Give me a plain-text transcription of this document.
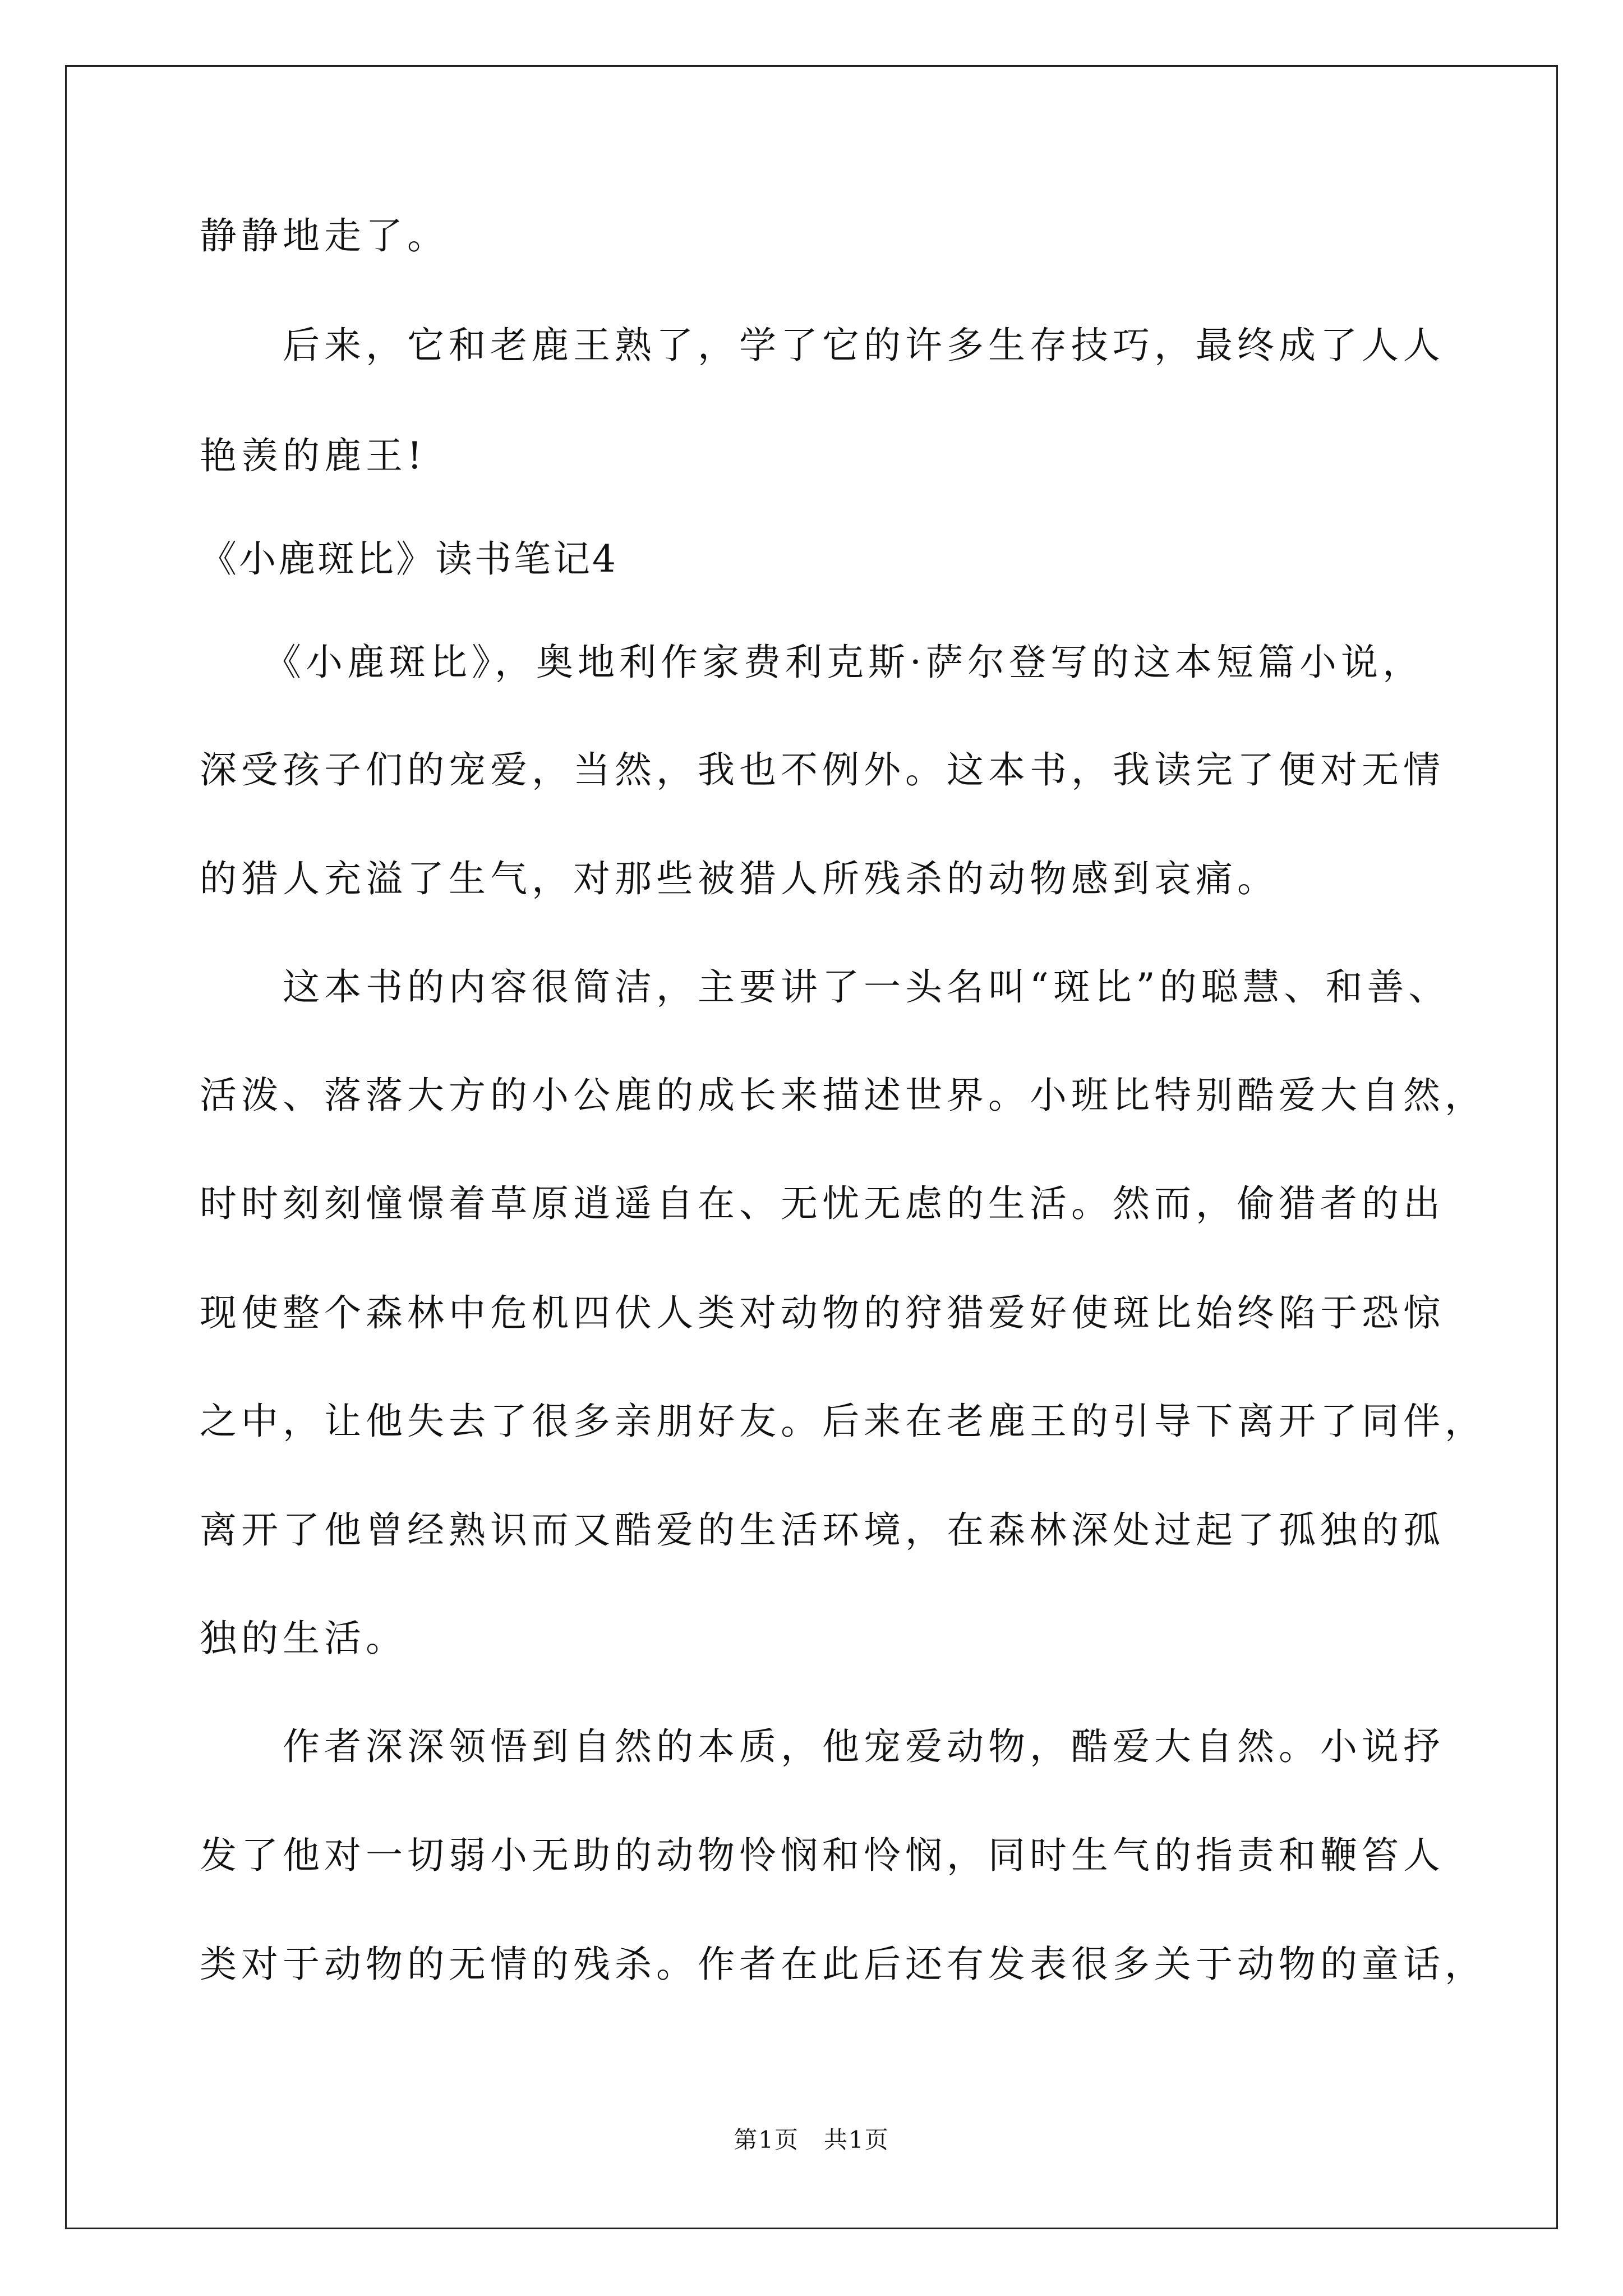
静静地走了。
　　后来，它和老鹿王熟了，学了它的许多生存技巧，最终成了人人
艳羡的鹿王!
《小鹿斑比》读书笔记4
　　《小鹿斑比》，奥地利作家费利克斯·萨尔登写的这本短篇小说，
深受孩子们的宠爱，当然，我也不例外。这本书，我读完了便对无情
的猎人充溢了生气，对那些被猎人所残杀的动物感到哀痛。
　　这本书的内容很简洁，主要讲了一头名叫“斑比”的聪慧、和善、
活泼、落落大方的小公鹿的成长来描述世界。小班比特别酷爱大自然，
时时刻刻憧憬着草原逍遥自在、无忧无虑的生活。然而，偷猎者的出
现使整个森林中危机四伏人类对动物的狩猎爱好使斑比始终陷于恐惊
之中，让他失去了很多亲朋好友。后来在老鹿王的引导下离开了同伴，
离开了他曾经熟识而又酷爱的生活环境，在森林深处过起了孤独的孤
独的生活。
　　作者深深领悟到自然的本质，他宠爱动物，酷爱大自然。小说抒
发了他对一切弱小无助的动物怜悯和怜悯，同时生气的指责和鞭笞人
类对于动物的无情的残杀。作者在此后还有发表很多关于动物的童话，
第1页　共1页
